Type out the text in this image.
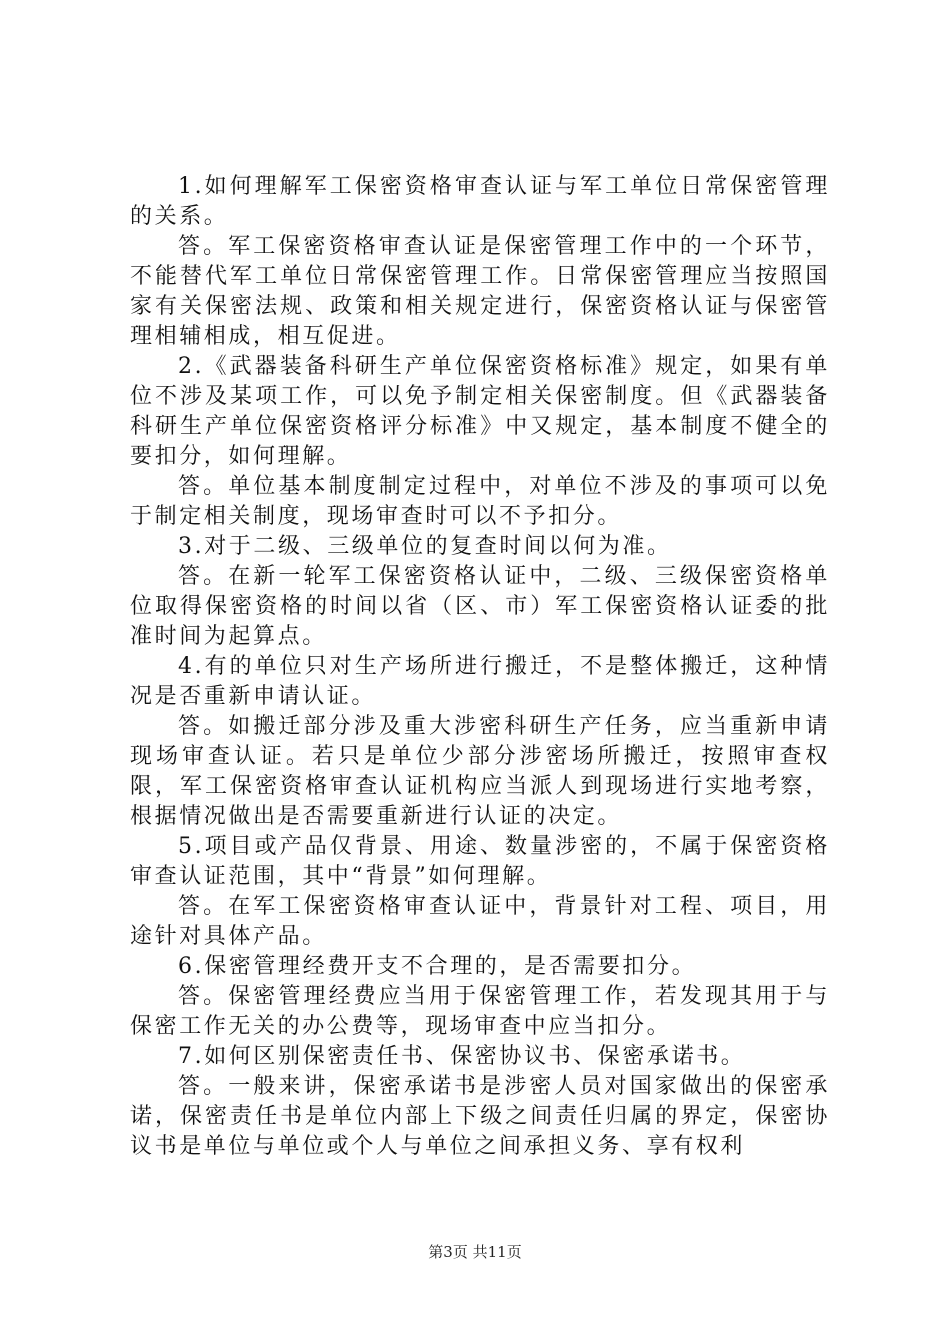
1.如何理解军工保密资格审查认证与军工单位日常保密管理的关系。

答。军工保密资格审查认证是保密管理工作中的一个环节，不能替代军工单位日常保密管理工作。日常保密管理应当按照国家有关保密法规、政策和相关规定进行，保密资格认证与保密管理相辅相成，相互促进。

2.《武器装备科研生产单位保密资格标准》规定，如果有单位不涉及某项工作，可以免予制定相关保密制度。但《武器装备科研生产单位保密资格评分标准》中又规定，基本制度不健全的要扣分，如何理解。

答。单位基本制度制定过程中，对单位不涉及的事项可以免于制定相关制度，现场审查时可以不予扣分。

3.对于二级、三级单位的复查时间以何为准。

答。在新一轮军工保密资格认证中，二级、三级保密资格单位取得保密资格的时间以省（区、市）军工保密资格认证委的批准时间为起算点。

4.有的单位只对生产场所进行搬迁，不是整体搬迁，这种情况是否重新申请认证。

答。如搬迁部分涉及重大涉密科研生产任务，应当重新申请现场审查认证。若只是单位少部分涉密场所搬迁，按照审查权限，军工保密资格审查认证机构应当派人到现场进行实地考察，根据情况做出是否需要重新进行认证的决定。

5.项目或产品仅背景、用途、数量涉密的，不属于保密资格审查认证范围，其中“背景”如何理解。

答。在军工保密资格审查认证中，背景针对工程、项目，用途针对具体产品。

6.保密管理经费开支不合理的，是否需要扣分。

答。保密管理经费应当用于保密管理工作，若发现其用于与保密工作无关的办公费等，现场审查中应当扣分。

7.如何区别保密责任书、保密协议书、保密承诺书。

答。一般来讲，保密承诺书是涉密人员对国家做出的保密承诺，保密责任书是单位内部上下级之间责任归属的界定，保密协议书是单位与单位或个人与单位之间承担义务、享有权利

第3页 共11页
